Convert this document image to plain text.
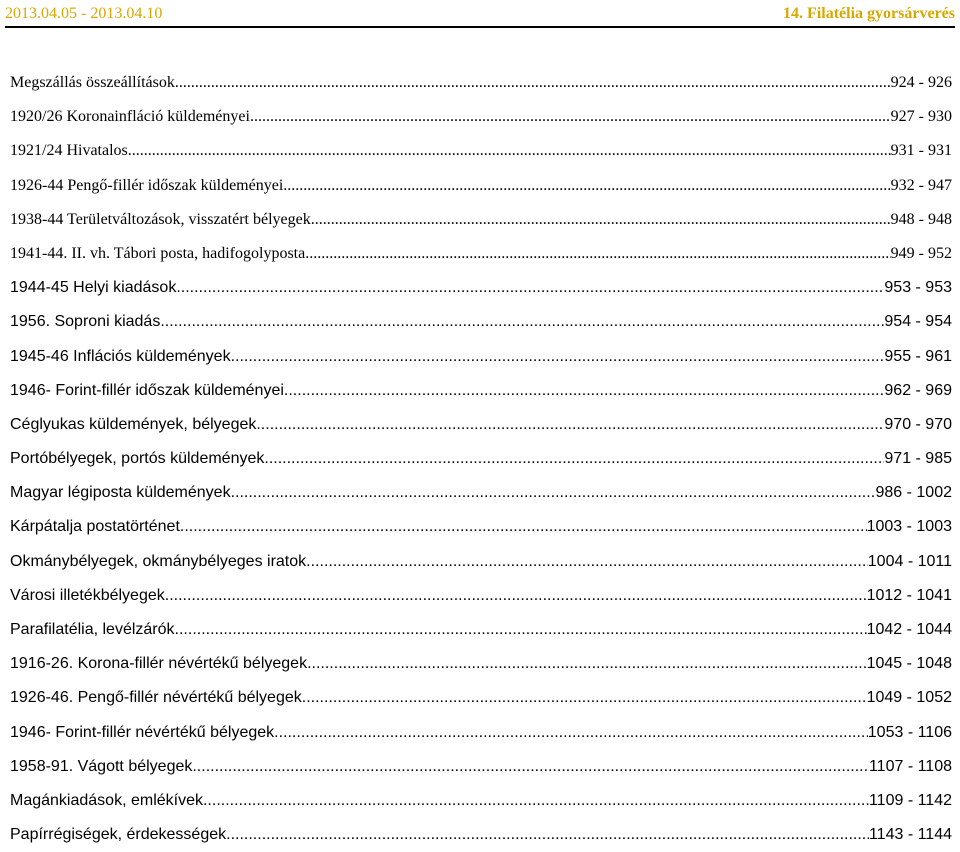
2013.04.05 - 2013.04.10	14. Filatélia gyorsárverés
Megszállás összeállítások .....	924 - 926
1920/26 Koronainfláció küldeményei .....	927 - 930
1921/24 Hivatalos .....	931 - 931
1926-44 Pengő-fillér időszak küldeményei .....	932 - 947
1938-44 Területváltozások, visszatért bélyegek .....	948 - 948
1941-44. II. vh. Tábori posta, hadifogolyposta .....	949 - 952
1944-45 Helyi kiadások .....	953 - 953
1956. Soproni kiadás .....	954 - 954
1945-46 Inflációs küldemények .....	955 - 961
1946- Forint-fillér időszak küldeményei .....	962 - 969
Céglyukas küldemények, bélyegek .....	970 - 970
Portóbélyegek, portós küldemények .....	971 - 985
Magyar légiposta küldemények .....	986 - 1002
Kárpátalja postatörténet .....	1003 - 1003
Okmánybélyegek, okmánybélyeges iratok .....	1004 - 1011
Városi illetékbélyegek .....	1012 - 1041
Parafilatélia, levélzárók .....	1042 - 1044
1916-26. Korona-fillér névértékű bélyegek .....	1045 - 1048
1926-46. Pengő-fillér névértékű bélyegek .....	1049 - 1052
1946- Forint-fillér névértékű bélyegek .....	1053 - 1106
1958-91. Vágott bélyegek .....	1107 - 1108
Magánkiadások, emlékívek .....	1109 - 1142
Papírrégiségek, érdekességek .....	1143 - 1144
